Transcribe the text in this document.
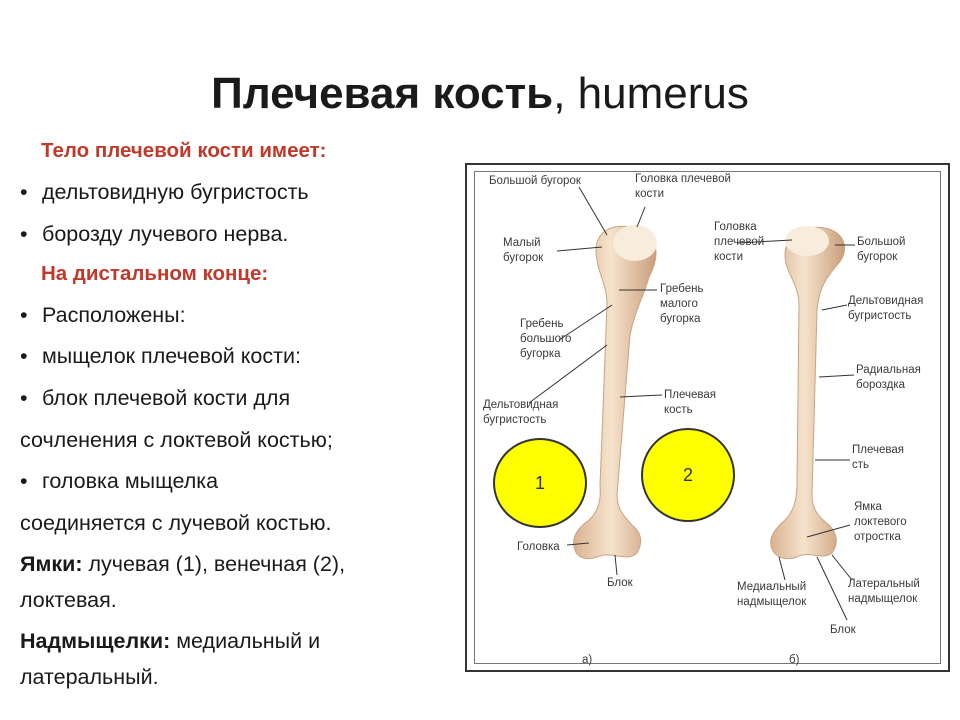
Плечевая кость, humerus
Тело плечевой кости имеет:
• дельтовидную бугристость
• борозду лучевого нерва.
На дистальном конце:
• Расположены:
• мыщелок плечевой кости:
• блок плечевой кости для
сочленения с локтевой костью;
• головка мыщелка
соединяется с лучевой костью.
Ямки: лучевая (1), венечная (2),
локтевая.
Надмыщелки: медиальный и
латеральный.
Большой бугорок	Головка плечевой
кости
Малый
бугорок
Гребень
малого
бугорка
Гребень
большого
бугорка
Дельтовидная
бугристость
Плечевая
кость
Головка
Блок
а)
Головка
плечевой
кости
Большой
бугорок
Дельтовидная
бугристость
Радиальная
бороздка
Плечевая
сть
Ямка
локтевого
отростка
Медиальный
надмыщелок
Латеральный
надмыщелок
Блок
б)
1	2
